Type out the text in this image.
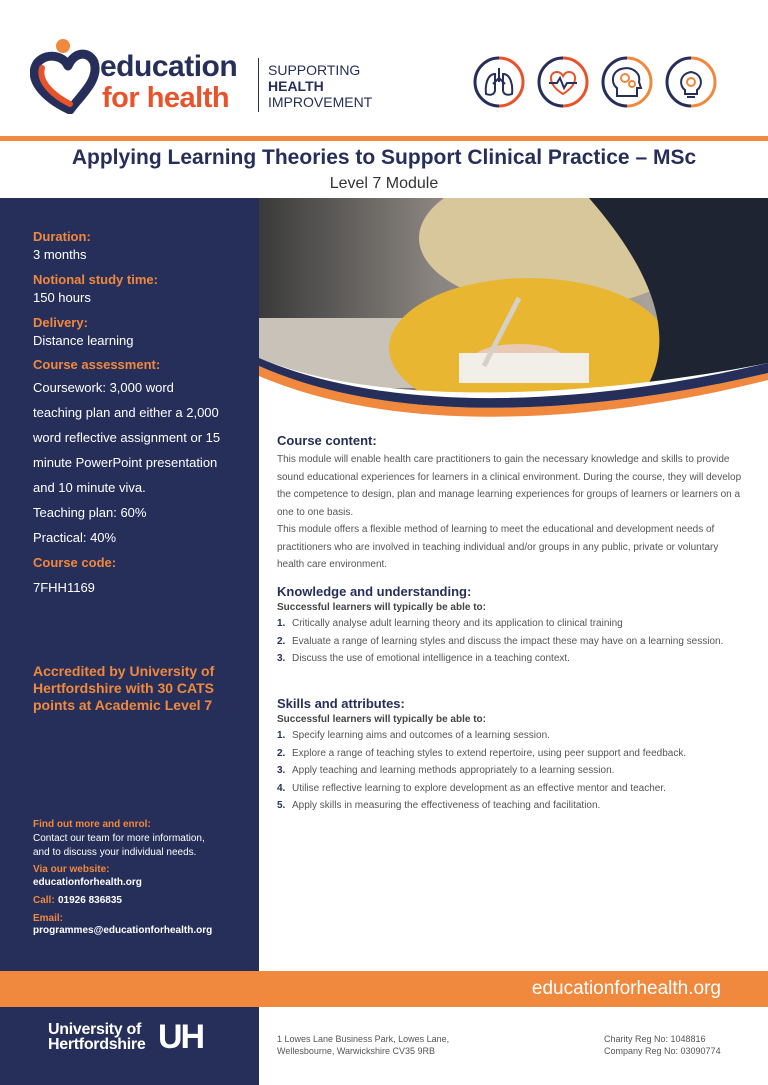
education
for health
SUPPORTING
HEALTH
IMPROVEMENT
Applying Learning Theories to Support Clinical Practice – MSc
Level 7 Module
Duration:
3 months
Notional study time:
150 hours
Delivery:
Distance learning
Course assessment:
Coursework: 3,000 word
teaching plan and either a 2,000
word reflective assignment or 15
minute PowerPoint presentation
and 10 minute viva.
Teaching plan: 60%
Practical: 40%
Course code:
7FHH1169
Accredited by University of Hertfordshire with 30 CATS points at Academic Level 7
Find out more and enrol:
Contact our team for more information,
and to discuss your individual needs.
Via our website:
educationforhealth.org
Call: 01926 836835
Email:
programmes@educationforhealth.org
Course content:
This module will enable health care practitioners to gain the necessary knowledge and skills to provide sound educational experiences for learners in a clinical environment. During the course, they will develop the competence to design, plan and manage learning experiences for groups of learners or learners on a one to one basis.
This module offers a flexible method of learning to meet the educational and development needs of practitioners who are involved in teaching individual and/or groups in any public, private or voluntary health care environment.
Knowledge and understanding:
Successful learners will typically be able to:
1. Critically analyse adult learning theory and its application to clinical training
2. Evaluate a range of learning styles and discuss the impact these may have on a learning session.
3. Discuss the use of emotional intelligence in a teaching context.
Skills and attributes:
Successful learners will typically be able to:
1. Specify learning aims and outcomes of a learning session.
2. Explore a range of teaching styles to extend repertoire, using peer support and feedback.
3. Apply teaching and learning methods appropriately to a learning session.
4. Utilise reflective learning to explore development as an effective mentor and teacher.
5. Apply skills in measuring the effectiveness of teaching and facilitation.
educationforhealth.org
University of
Hertfordshire UH	1 Lowes Lane Business Park, Lowes Lane,
Wellesbourne, Warwickshire CV35 9RB
Charity Reg No: 1048816
Company Reg No: 03090774
